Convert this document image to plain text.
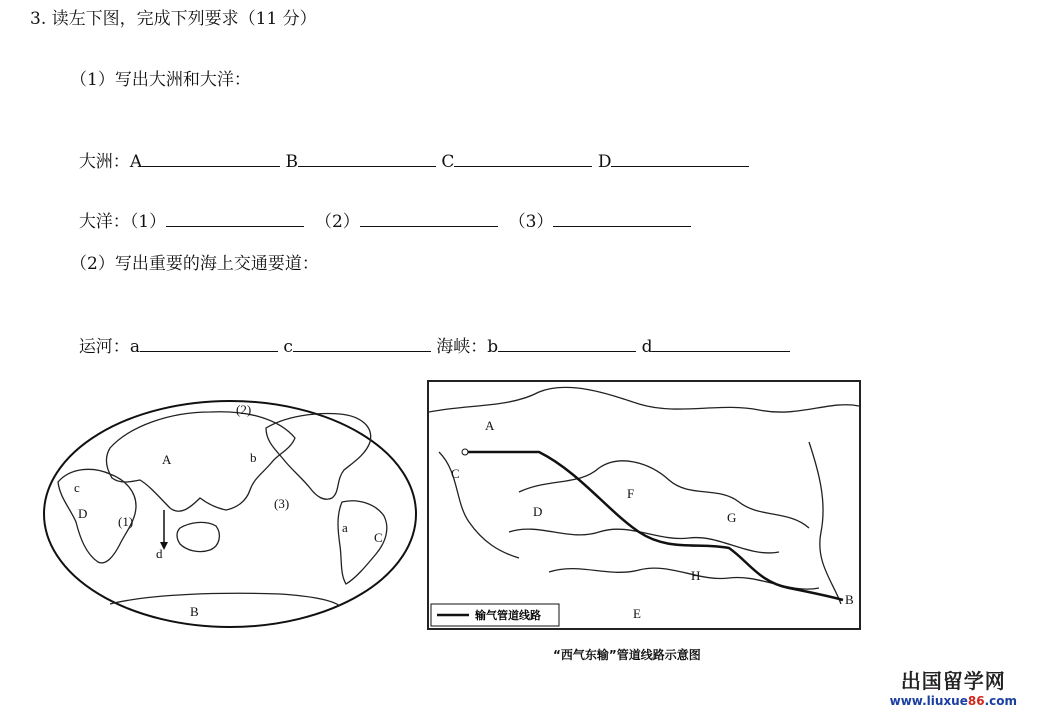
3. 读左下图，完成下列要求（11 分）
（1）写出大洲和大洋：

大洲：A	B	C	D

大洋：（1）	（2）	（3）

（2）写出重要的海上交通要道：

运河：a	c	海峡：b	d

A
D
(1)
(2)
(3)
C
B
a
b
c
d
输气管道线路
A
C
D
F
G
H
E
B
“西气东输”管道线路示意图
出国留学网
www.liuxue86.com
